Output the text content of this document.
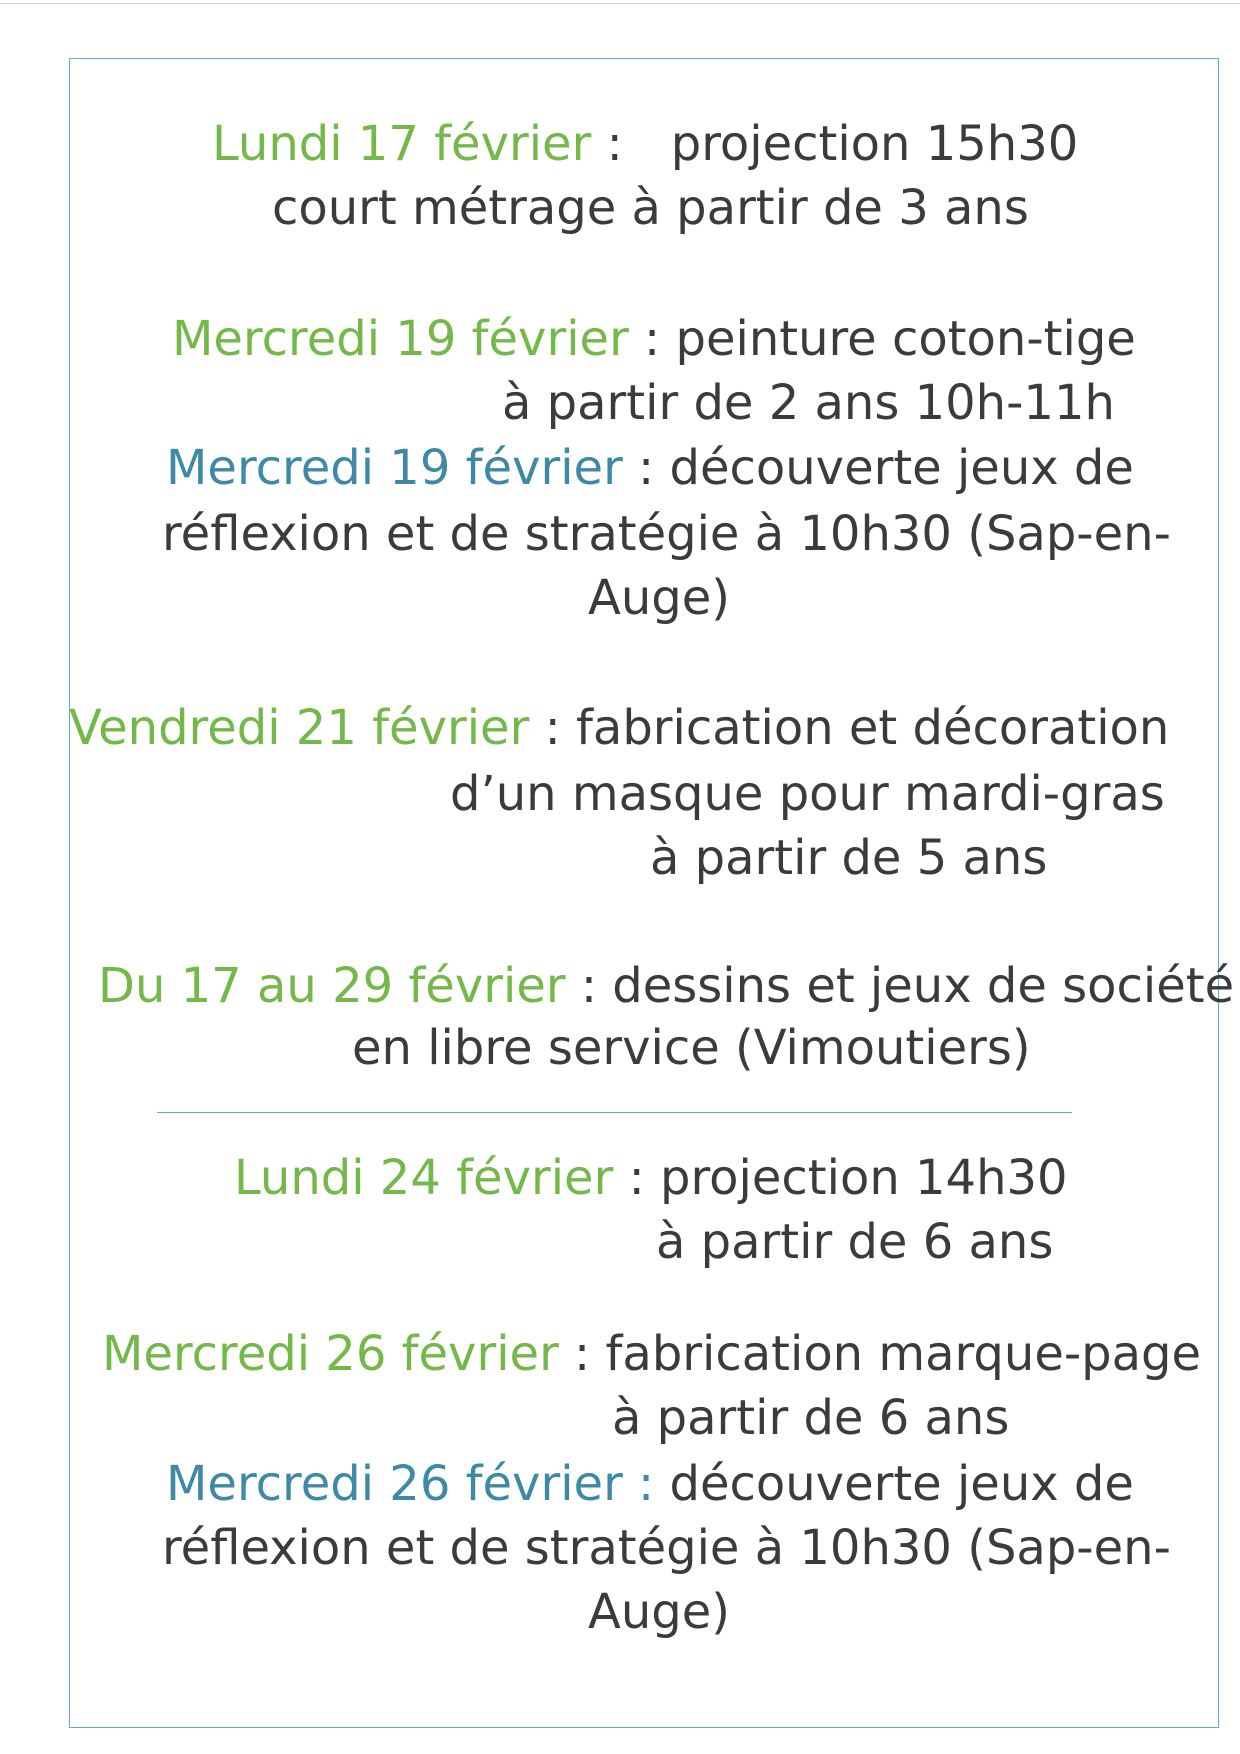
Lundi 17 février : projection 15h30
court métrage à partir de 3 ans
Mercredi 19 février : peinture coton-tige
à partir de 2 ans 10h-11h
Mercredi 19 février : découverte jeux de
réflexion et de stratégie à 10h30 (Sap-en-
Auge)
Vendredi 21 février : fabrication et décoration
d’un masque pour mardi-gras
à partir de 5 ans
Du 17 au 29 février : dessins et jeux de société
en libre service (Vimoutiers)
Lundi 24 février : projection 14h30
à partir de 6 ans
Mercredi 26 février : fabrication marque-page
à partir de 6 ans
Mercredi 26 février : découverte jeux de
réflexion et de stratégie à 10h30 (Sap-en-
Auge)
